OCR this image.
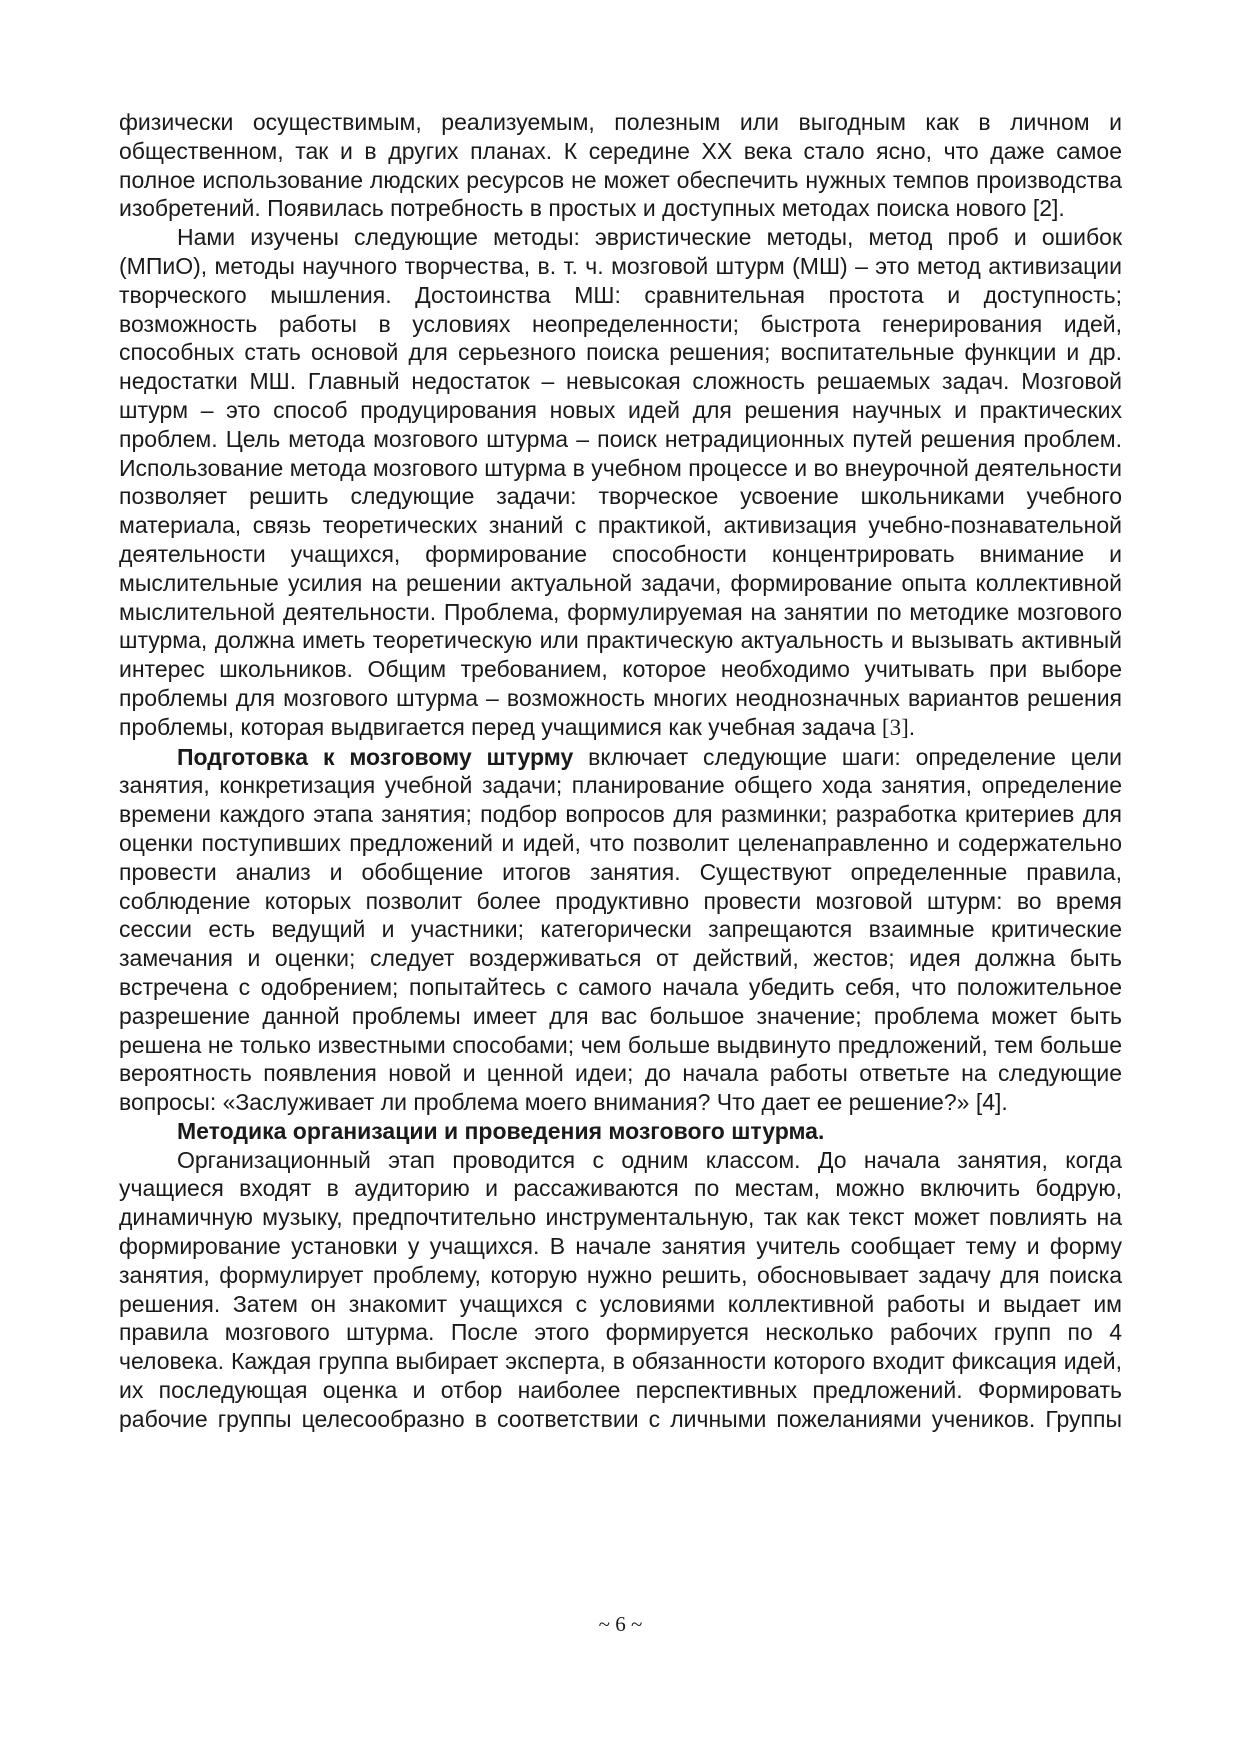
физически осуществимым, реализуемым, полезным или выгодным как в личном и общественном, так и в других планах. К середине XX века стало ясно, что даже самое полное использование людских ресурсов не может обеспечить нужных темпов производства изобретений. Появилась потребность в простых и доступных методах поиска нового [2].

Нами изучены следующие методы: эвристические методы, метод проб и ошибок (МПиО), методы научного творчества, в. т. ч. мозговой штурм (МШ) – это метод активизации творческого мышления. Достоинства МШ: сравнительная простота и доступность; возможность работы в условиях неопределенности; быстрота генерирования идей, способных стать основой для серьезного поиска решения; воспитательные функции и др. недостатки МШ. Главный недостаток – невысокая сложность решаемых задач. Мозговой штурм – это способ продуцирования новых идей для решения научных и практических проблем. Цель метода мозгового штурма – поиск нетрадиционных путей решения проблем. Использование метода мозгового штурма в учебном процессе и во внеурочной деятельности позволяет решить следующие задачи: творческое усвоение школьниками учебного материала, связь теоретических знаний с практикой, активизация учебно-познавательной деятельности учащихся, формирование способности концентрировать внимание и мыслительные усилия на решении актуальной задачи, формирование опыта коллективной мыслительной деятельности. Проблема, формулируемая на занятии по методике мозгового штурма, должна иметь теоретическую или практическую актуальность и вызывать активный интерес школьников. Общим требованием, которое необходимо учитывать при выборе проблемы для мозгового штурма – возможность многих неоднозначных вариантов решения проблемы, которая выдвигается перед учащимися как учебная задача [3].

Подготовка к мозговому штурму включает следующие шаги: определение цели занятия, конкретизация учебной задачи; планирование общего хода занятия, определение времени каждого этапа занятия; подбор вопросов для разминки; разработка критериев для оценки поступивших предложений и идей, что позволит целенаправленно и содержательно провести анализ и обобщение итогов занятия. Существуют определенные правила, соблюдение которых позволит более продуктивно провести мозговой штурм: во время сессии есть ведущий и участники; категорически запрещаются взаимные критические замечания и оценки; следует воздерживаться от действий, жестов; идея должна быть встречена с одобрением; попытайтесь с самого начала убедить себя, что положительное разрешение данной проблемы имеет для вас большое значение; проблема может быть решена не только известными способами; чем больше выдвинуто предложений, тем больше вероятность появления новой и ценной идеи; до начала работы ответьте на следующие вопросы: «Заслуживает ли проблема моего внимания? Что дает ее решение?» [4].

Методика организации и проведения мозгового штурма.

Организационный этап проводится с одним классом. До начала занятия, когда учащиеся входят в аудиторию и рассаживаются по местам, можно включить бодрую, динамичную музыку, предпочтительно инструментальную, так как текст может повлиять на формирование установки у учащихся. В начале занятия учитель сообщает тему и форму занятия, формулирует проблему, которую нужно решить, обосновывает задачу для поиска решения. Затем он знакомит учащихся с условиями коллективной работы и выдает им правила мозгового штурма. После этого формируется несколько рабочих групп по 4 человека. Каждая группа выбирает эксперта, в обязанности которого входит фиксация идей, их последующая оценка и отбор наиболее перспективных предложений. Формировать рабочие группы целесообразно в соответствии с личными пожеланиями учеников. Группы

~ 6 ~
